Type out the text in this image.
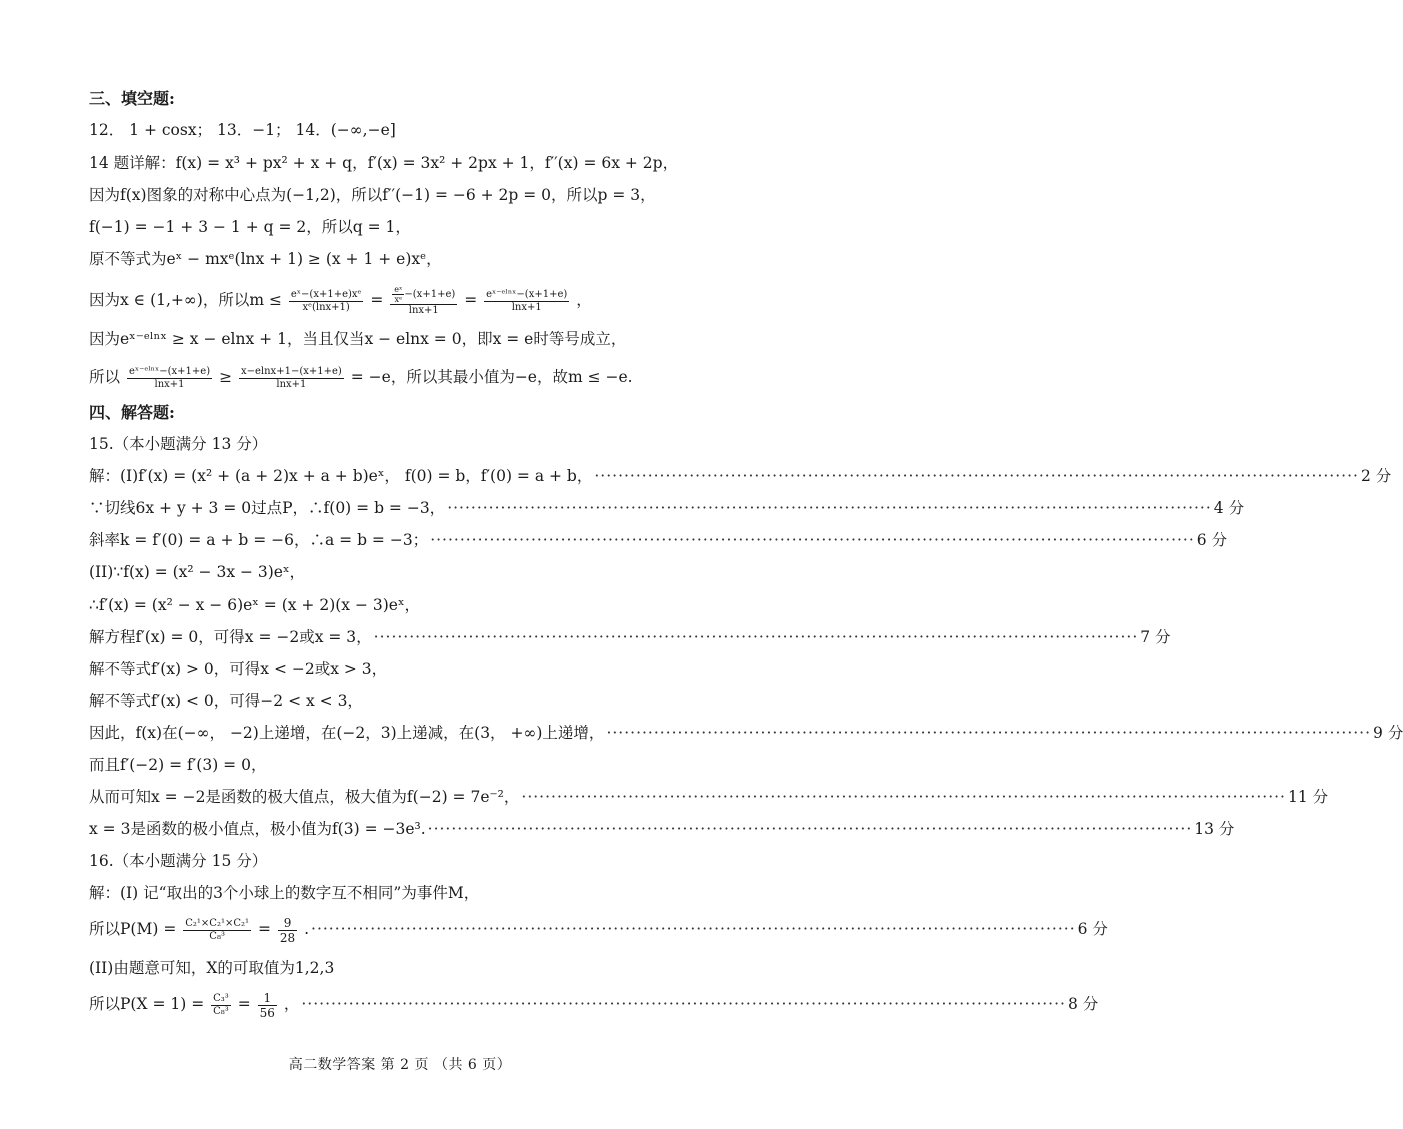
三、填空题:
12． 1 + cosx； 13．−1； 14．(−∞,−e]
14 题详解：f(x) = x³ + px² + x + q，f′(x) = 3x² + 2px + 1，f′′(x) = 6x + 2p，
因为f(x)图象的对称中心点为(−1,2)，所以f′′(−1) = −6 + 2p = 0，所以p = 3，
f(−1) = −1 + 3 − 1 + q = 2，所以q = 1，
原不等式为eˣ − mxᵉ(lnx + 1) ≥ (x + 1 + e)xᵉ，
因为x ∈ (1,+∞)，所以$m \le \frac{\text{eˣ−(x+1+e)xᵉ}}{\text{xᵉ(lnx+1)}} = \frac{\frac{\text{eˣ}}{\text{xᵉ}} -(x+1+e)}{\ln x+1} = \frac{\text{eˣ⁻ᵉˡⁿˣ−(x+1+e)}}{\ln x+1}$ ，
因为eˣ⁻ᵉˡⁿˣ ≥ x − elnx + 1，当且仅当x − elnx = 0，即x = e时等号成立，
所以 $\frac{\text{eˣ⁻ᵉˡⁿˣ−(x+1+e)}}{\ln x+1} \ge \frac{x-elnx+1-(x+1+e)}{\ln x+1} = -e$，所以其最小值为−e，故m ≤ −e.
四、解答题:
15.（本小题满分 13 分）
解：(I)f′(x) = (x² + (a + 2)x + a + b)eˣ， f(0) = b，f′(0) = a + b， ································································································································· 2 分
∵切线6x + y + 3 = 0过点P，∴f(0) = b = −3， ································································································································· 4 分
斜率k = f′(0) = a + b = −6，∴a = b = −3； ································································································································· 6 分
(II)∵f(x) = (x² − 3x − 3)eˣ，
∴f′(x) = (x² − x − 6)eˣ = (x + 2)(x − 3)eˣ，
解方程f′(x) = 0，可得x = −2或x = 3， ································································································································· 7 分
解不等式f′(x) > 0，可得x < −2或x > 3，
解不等式f′(x) < 0，可得−2 < x < 3，
因此，f(x)在(−∞， −2)上递增，在(−2，3)上递减，在(3， +∞)上递增， ································································································································· 9 分
而且f′(−2) = f′(3) = 0，
从而可知x = −2是函数的极大值点，极大值为f(−2) = 7e⁻²， ································································································································· 11 分
x = 3是函数的极小值点，极小值为f(3) = −3e³. ································································································································· 13 分
16.（本小题满分 15 分）
解：(I) 记“取出的3个小球上的数字互不相同”为事件M，
所以$P(M) = \frac{\text{C₂¹×C₂¹×C₂¹}}{\text{C₈³}} = \frac{9}{28}$ . ································································································································· 6 分
(II)由题意可知，X的可取值为1,2,3
所以$P(X = 1) = \frac{\text{C₃³}}{\text{C₈³}} = \frac{1}{56}$ ， ································································································································· 8 分
高二数学答案 第 2 页 （共 6 页）
